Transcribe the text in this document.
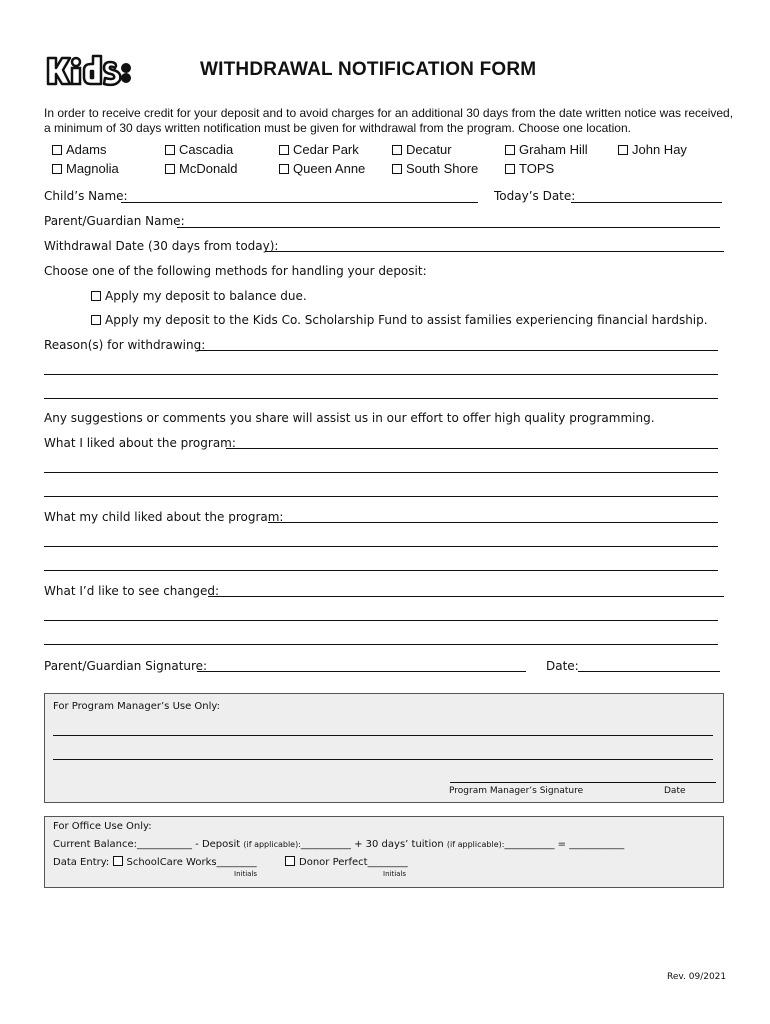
WITHDRAWAL NOTIFICATION FORM
In order to receive credit for your deposit and to avoid charges for an additional 30 days from the date written notice was received, a minimum of 30 days written notification must be given for withdrawal from the program. Choose one location.
Adams	Cascadia	Cedar Park	Decatur	Graham Hill	John Hay
Magnolia	McDonald	Queen Anne	South Shore	TOPS
Child’s Name:	Today’s Date:
Parent/Guardian Name:
Withdrawal Date (30 days from today):
Choose one of the following methods for handling your deposit:
Apply my deposit to balance due.
Apply my deposit to the Kids Co. Scholarship Fund to assist families experiencing financial hardship.
Reason(s) for withdrawing:
Any suggestions or comments you share will assist us in our effort to offer high quality programming.
What I liked about the program:
What my child liked about the program:
What I’d like to see changed:
Parent/Guardian Signature:	Date:
For Program Manager’s Use Only:
Program Manager’s Signature	Date
For Office Use Only:
Current Balance:___________ - Deposit (if applicable):__________ + 30 days’ tuition (if applicable):__________ = ___________
Data Entry: SchoolCare Works________	Donor Perfect________
Initials	Initials
Rev. 09/2021
